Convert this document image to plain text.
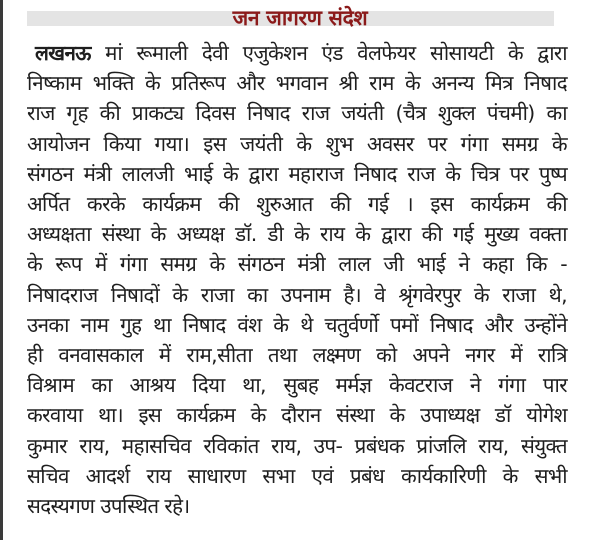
जन जागरण संदेश
लखनऊ मां रूमाली देवी एजुकेशन एंड वेलफेयर सोसायटी के द्वारा
निष्काम भक्ति के प्रतिरूप और भगवान श्री राम के अनन्य मित्र निषाद
राज गृह की प्राकट्य दिवस निषाद राज जयंती (चैत्र शुक्ल पंचमी) का
आयोजन किया गया। इस जयंती के शुभ अवसर पर गंगा समग्र के
संगठन मंत्री लालजी भाई के द्वारा महाराज निषाद राज के चित्र पर पुष्प
अर्पित करके कार्यक्रम की शुरुआत की गई । इस कार्यक्रम की
अध्यक्षता संस्था के अध्यक्ष डॉ. डी के राय के द्वारा की गई मुख्य वक्ता
के रूप में गंगा समग्र के संगठन मंत्री लाल जी भाई ने कहा कि -
निषादराज निषादों के राजा का उपनाम है। वे श्रृंगवेरपुर के राजा थे,
उनका नाम गुह था निषाद वंश के थे चतुर्वर्णो पमों निषाद और उन्होंने
ही वनवासकाल में राम,सीता तथा लक्ष्मण को अपने नगर में रात्रि
विश्राम का आश्रय दिया था, सुबह मर्मज्ञ केवटराज ने गंगा पार
करवाया था। इस कार्यक्रम के दौरान संस्था के उपाध्यक्ष डॉ योगेश
कुमार राय, महासचिव रविकांत राय, उप- प्रबंधक प्रांजलि राय, संयुक्त
सचिव आदर्श राय साधारण सभा एवं प्रबंध कार्यकारिणी के सभी
सदस्यगण उपस्थित रहे।
